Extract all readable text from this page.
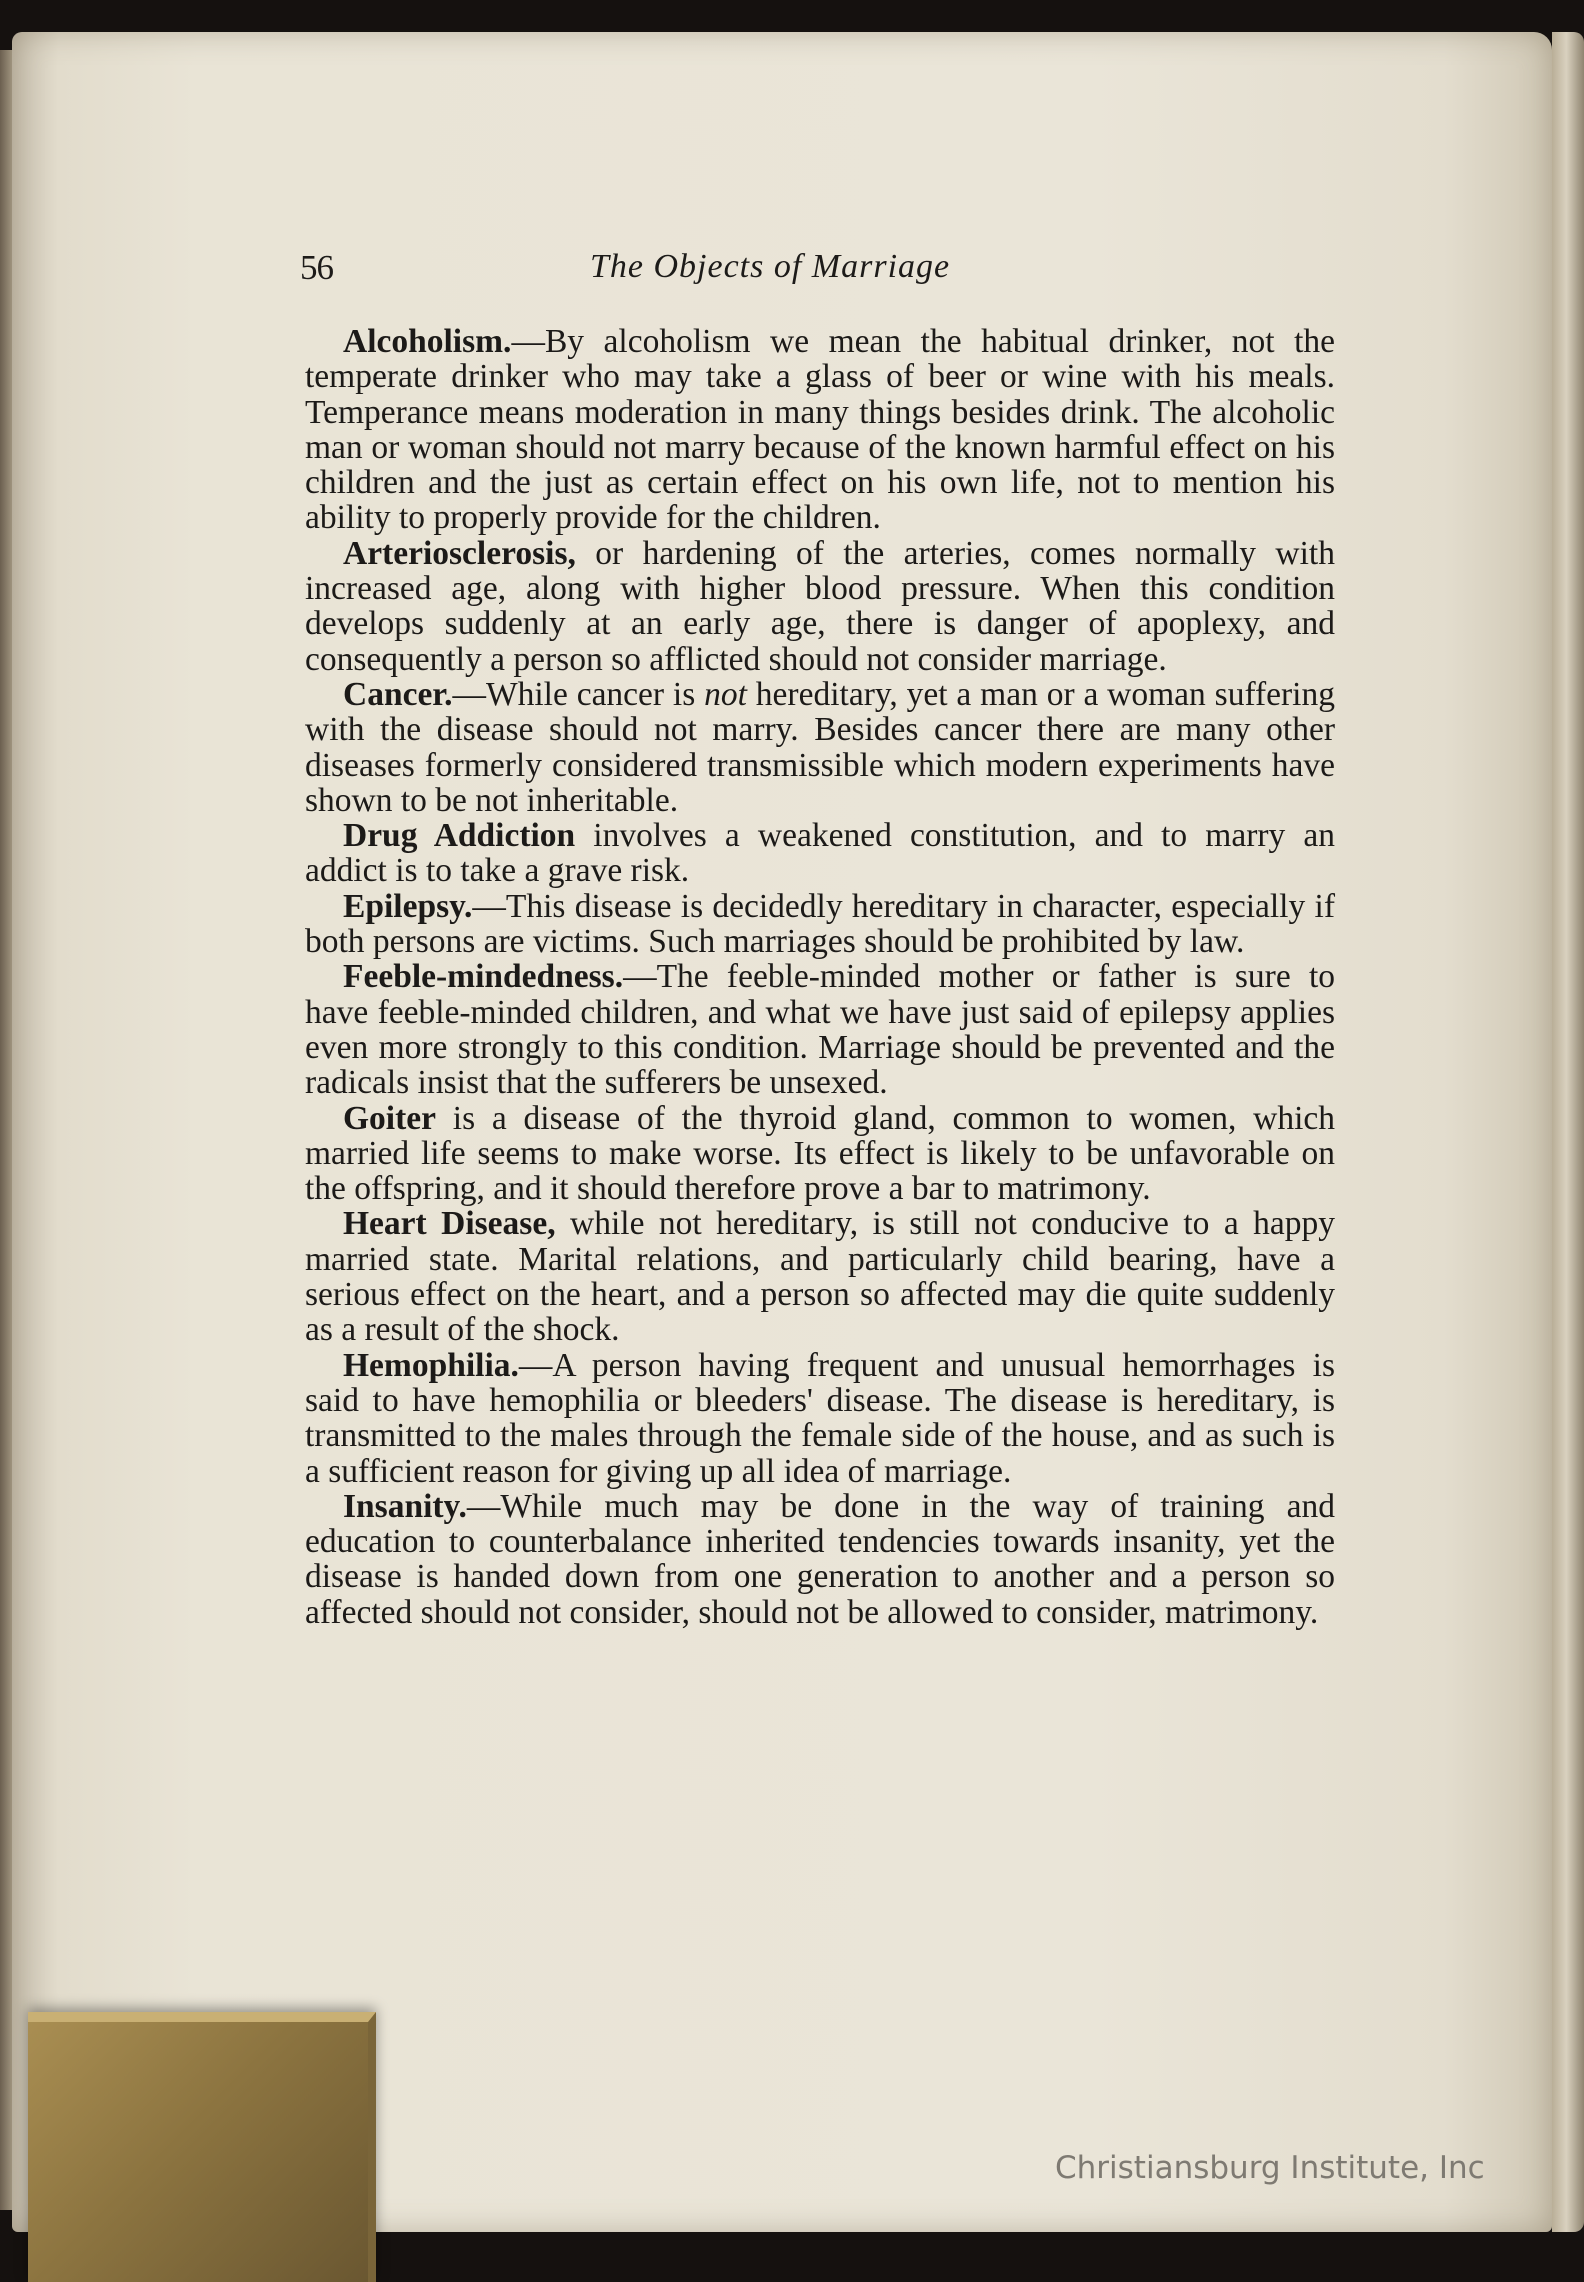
56	The Objects of Marriage

Alcoholism.—By alcoholism we mean the habitual drinker, not the temperate drinker who may take a glass of beer or wine with his meals. Temperance means moderation in many things besides drink. The alcoholic man or woman should not marry because of the known harmful effect on his children and the just as certain effect on his own life, not to mention his ability to properly provide for the children.

Arteriosclerosis, or hardening of the arteries, comes normally with increased age, along with higher blood pressure. When this condition develops suddenly at an early age, there is danger of apoplexy, and consequently a person so afflicted should not consider marriage.

Cancer.—While cancer is not hereditary, yet a man or a woman suffering with the disease should not marry. Besides cancer there are many other diseases formerly considered transmissible which modern experiments have shown to be not inheritable.

Drug Addiction involves a weakened constitution, and to marry an addict is to take a grave risk.

Epilepsy.—This disease is decidedly hereditary in character, especially if both persons are victims. Such marriages should be prohibited by law.

Feeble-mindedness.—The feeble-minded mother or father is sure to have feeble-minded children, and what we have just said of epilepsy applies even more strongly to this condition. Marriage should be prevented and the radicals insist that the sufferers be unsexed.

Goiter is a disease of the thyroid gland, common to women, which married life seems to make worse. Its effect is likely to be unfavorable on the offspring, and it should therefore prove a bar to matrimony.

Heart Disease, while not hereditary, is still not conducive to a happy married state. Marital relations, and particularly child bearing, have a serious effect on the heart, and a person so affected may die quite suddenly as a result of the shock.

Hemophilia.—A person having frequent and unusual hemorrhages is said to have hemophilia or bleeders' disease. The disease is hereditary, is transmitted to the males through the female side of the house, and as such is a sufficient reason for giving up all idea of marriage.

Insanity.—While much may be done in the way of training and education to counterbalance inherited tendencies towards insanity, yet the disease is handed down from one generation to another and a person so affected should not consider, should not be allowed to consider, matrimony.

Christiansburg Institute, Inc
